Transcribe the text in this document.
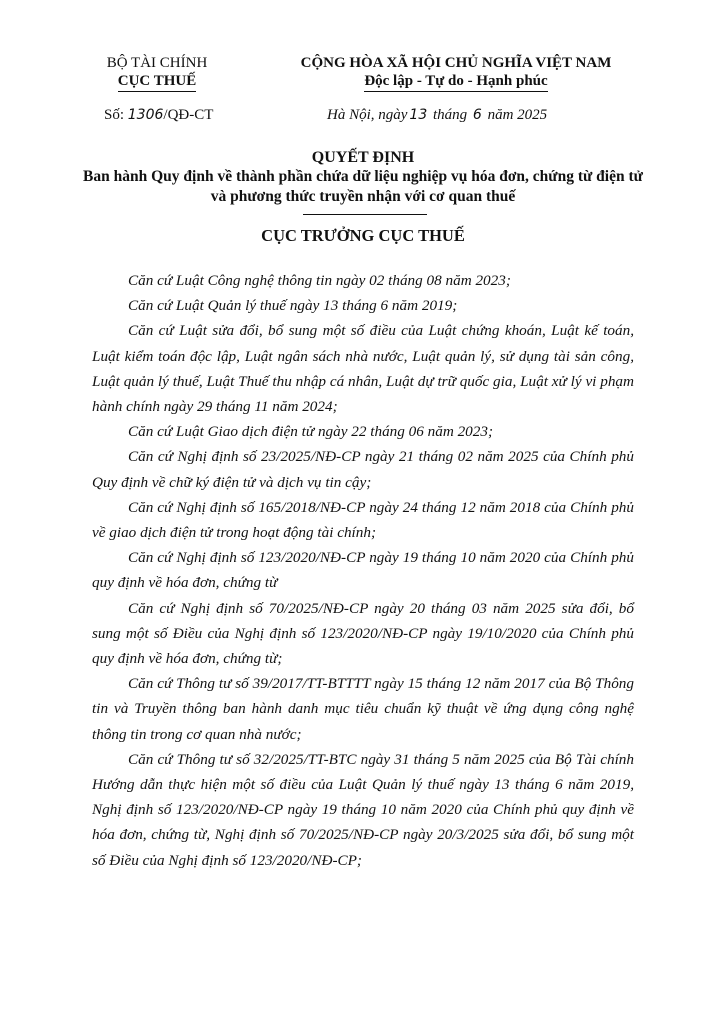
BỘ TÀI CHÍNH
CỤC THUẾ
CỘNG HÒA XÃ HỘI CHỦ NGHĨA VIỆT NAM
Độc lập - Tự do - Hạnh phúc
Số: 1306/QĐ-CT	Hà Nội, ngày 13 tháng 6 năm 2025
QUYẾT ĐỊNH
Ban hành Quy định về thành phần chứa dữ liệu nghiệp vụ hóa đơn, chứng từ điện tử và phương thức truyền nhận với cơ quan thuế
CỤC TRƯỞNG CỤC THUẾ
Căn cứ Luật Công nghệ thông tin ngày 02 tháng 08 năm 2023;
Căn cứ Luật Quản lý thuế ngày 13 tháng 6 năm 2019;
Căn cứ Luật sửa đổi, bổ sung một số điều của Luật chứng khoán, Luật kế toán, Luật kiểm toán độc lập, Luật ngân sách nhà nước, Luật quản lý, sử dụng tài sản công, Luật quản lý thuế, Luật Thuế thu nhập cá nhân, Luật dự trữ quốc gia, Luật xử lý vi phạm hành chính ngày 29 tháng 11 năm 2024;
Căn cứ Luật Giao dịch điện tử ngày 22 tháng 06 năm 2023;
Căn cứ Nghị định số 23/2025/NĐ-CP ngày 21 tháng 02 năm 2025 của Chính phủ Quy định về chữ ký điện tử và dịch vụ tin cậy;
Căn cứ Nghị định số 165/2018/NĐ-CP ngày 24 tháng 12 năm 2018 của Chính phủ về giao dịch điện tử trong hoạt động tài chính;
Căn cứ Nghị định số 123/2020/NĐ-CP ngày 19 tháng 10 năm 2020 của Chính phủ quy định về hóa đơn, chứng từ
Căn cứ Nghị định số 70/2025/NĐ-CP ngày 20 tháng 03 năm 2025 sửa đổi, bổ sung một số Điều của Nghị định số 123/2020/NĐ-CP ngày 19/10/2020 của Chính phủ quy định về hóa đơn, chứng từ;
Căn cứ Thông tư số 39/2017/TT-BTTTT ngày 15 tháng 12 năm 2017 của Bộ Thông tin và Truyền thông ban hành danh mục tiêu chuẩn kỹ thuật về ứng dụng công nghệ thông tin trong cơ quan nhà nước;
Căn cứ Thông tư số 32/2025/TT-BTC ngày 31 tháng 5 năm 2025 của Bộ Tài chính Hướng dẫn thực hiện một số điều của Luật Quản lý thuế ngày 13 tháng 6 năm 2019, Nghị định số 123/2020/NĐ-CP ngày 19 tháng 10 năm 2020 của Chính phủ quy định về hóa đơn, chứng từ, Nghị định số 70/2025/NĐ-CP ngày 20/3/2025 sửa đổi, bổ sung một số Điều của Nghị định số 123/2020/NĐ-CP;
